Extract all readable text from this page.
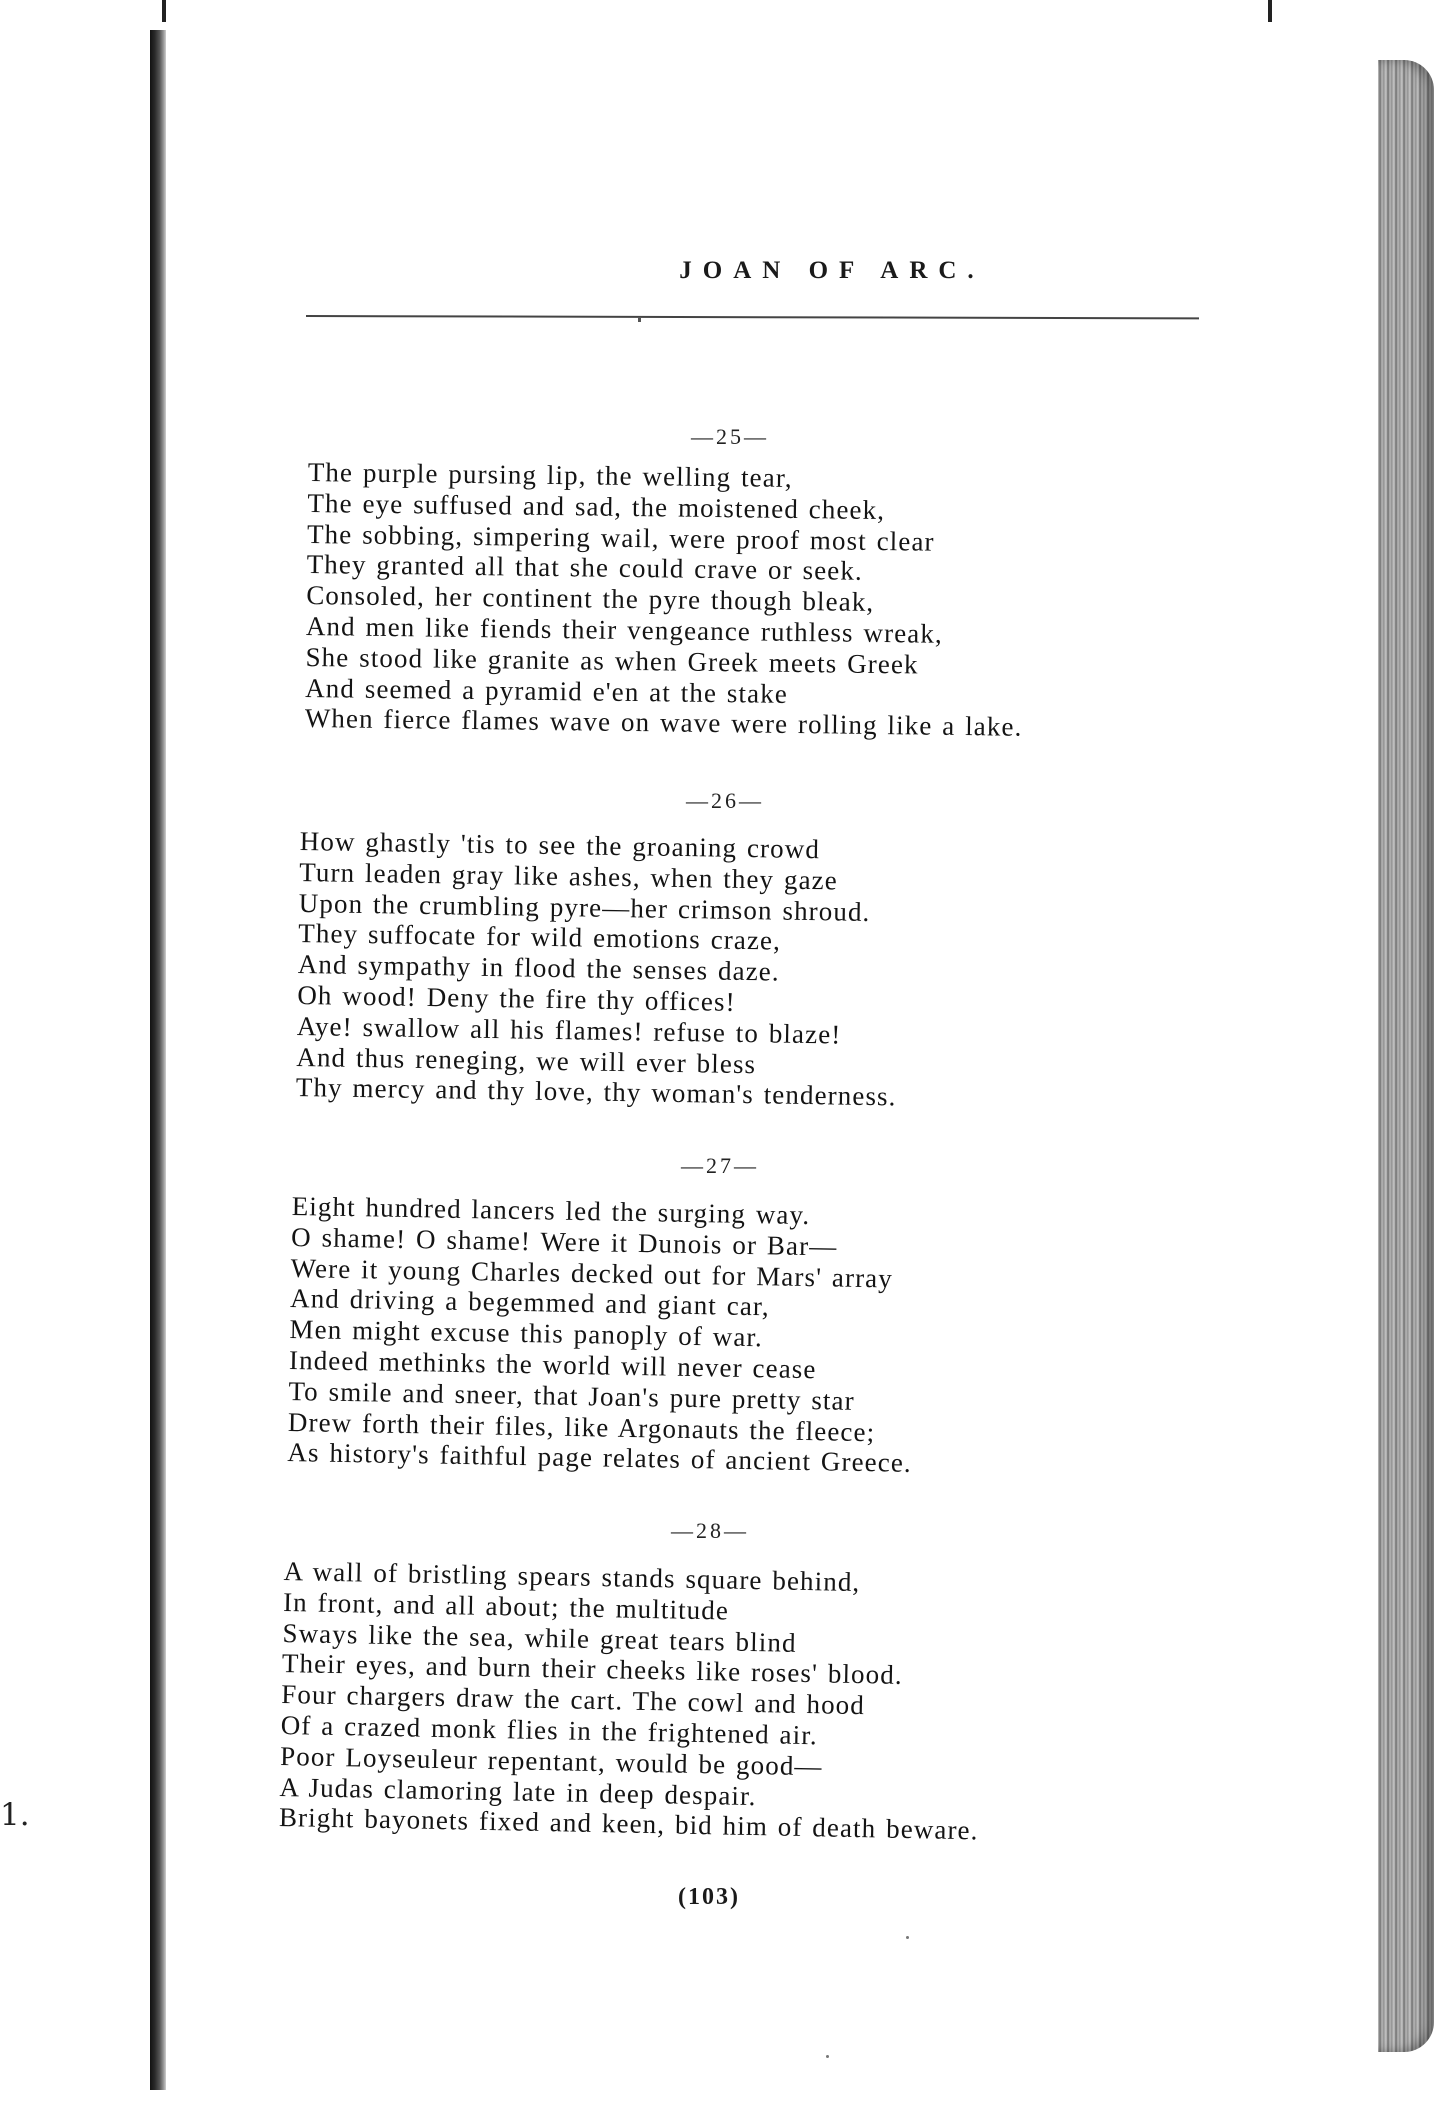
1.
JOAN OF ARC.
—25—
The purple pursing lip, the welling tear,
The eye suffused and sad, the moistened cheek,
The sobbing, simpering wail, were proof most clear
They granted all that she could crave or seek.
Consoled, her continent the pyre though bleak,
And men like fiends their vengeance ruthless wreak,
She stood like granite as when Greek meets Greek
And seemed a pyramid e'en at the stake
When fierce flames wave on wave were rolling like a lake.
—26—
How ghastly 'tis to see the groaning crowd
Turn leaden gray like ashes, when they gaze
Upon the crumbling pyre—her crimson shroud.
They suffocate for wild emotions craze,
And sympathy in flood the senses daze.
Oh wood! Deny the fire thy offices!
Aye! swallow all his flames! refuse to blaze!
And thus reneging, we will ever bless
Thy mercy and thy love, thy woman's tenderness.
—27—
Eight hundred lancers led the surging way.
O shame! O shame! Were it Dunois or Bar—
Were it young Charles decked out for Mars' array
And driving a begemmed and giant car,
Men might excuse this panoply of war.
Indeed methinks the world will never cease
To smile and sneer, that Joan's pure pretty star
Drew forth their files, like Argonauts the fleece;
As history's faithful page relates of ancient Greece.
—28—
A wall of bristling spears stands square behind,
In front, and all about; the multitude
Sways like the sea, while great tears blind
Their eyes, and burn their cheeks like roses' blood.
Four chargers draw the cart. The cowl and hood
Of a crazed monk flies in the frightened air.
Poor Loyseuleur repentant, would be good—
A Judas clamoring late in deep despair.
Bright bayonets fixed and keen, bid him of death beware.
(103)
